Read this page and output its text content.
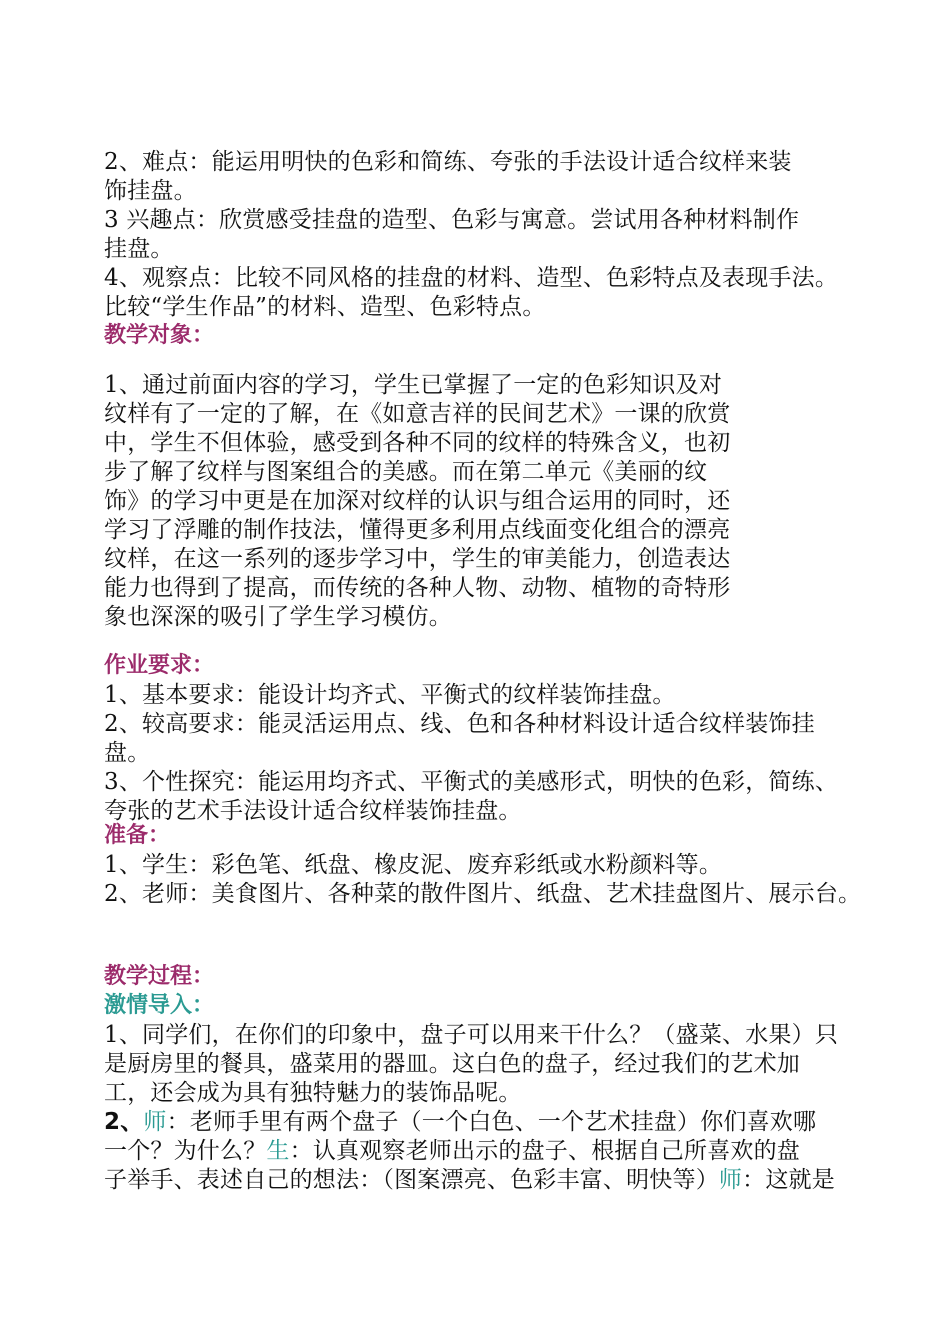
2、难点：能运用明快的色彩和简练、夸张的手法设计适合纹样来装
饰挂盘。
3 兴趣点：欣赏感受挂盘的造型、色彩与寓意。尝试用各种材料制作
挂盘。
4、观察点：比较不同风格的挂盘的材料、造型、色彩特点及表现手法。
比较“学生作品”的材料、造型、色彩特点。
教学对象：
1、通过前面内容的学习，学生已掌握了一定的色彩知识及对
纹样有了一定的了解，在《如意吉祥的民间艺术》一课的欣赏
中，学生不但体验，感受到各种不同的纹样的特殊含义，也初
步了解了纹样与图案组合的美感。而在第二单元《美丽的纹
饰》的学习中更是在加深对纹样的认识与组合运用的同时，还
学习了浮雕的制作技法，懂得更多利用点线面变化组合的漂亮
纹样，在这一系列的逐步学习中，学生的审美能力，创造表达
能力也得到了提高，而传统的各种人物、动物、植物的奇特形
象也深深的吸引了学生学习模仿。
作业要求：
1、基本要求：能设计均齐式、平衡式的纹样装饰挂盘。
2、较高要求：能灵活运用点、线、色和各种材料设计适合纹样装饰挂
盘。
3、个性探究：能运用均齐式、平衡式的美感形式，明快的色彩，简练、
夸张的艺术手法设计适合纹样装饰挂盘。
准备：
1、学生：彩色笔、纸盘、橡皮泥、废弃彩纸或水粉颜料等。
2、老师：美食图片、各种菜的散件图片、纸盘、艺术挂盘图片、展示台。
教学过程：
激情导入：
1、同学们，在你们的印象中，盘子可以用来干什么？（盛菜、水果）只
是厨房里的餐具，盛菜用的器皿。这白色的盘子，经过我们的艺术加
工，还会成为具有独特魅力的装饰品呢。
2、师：老师手里有两个盘子（一个白色、一个艺术挂盘）你们喜欢哪
一个？为什么？生：认真观察老师出示的盘子、根据自己所喜欢的盘
子举手、表述自己的想法：（图案漂亮、色彩丰富、明快等）师：这就是
